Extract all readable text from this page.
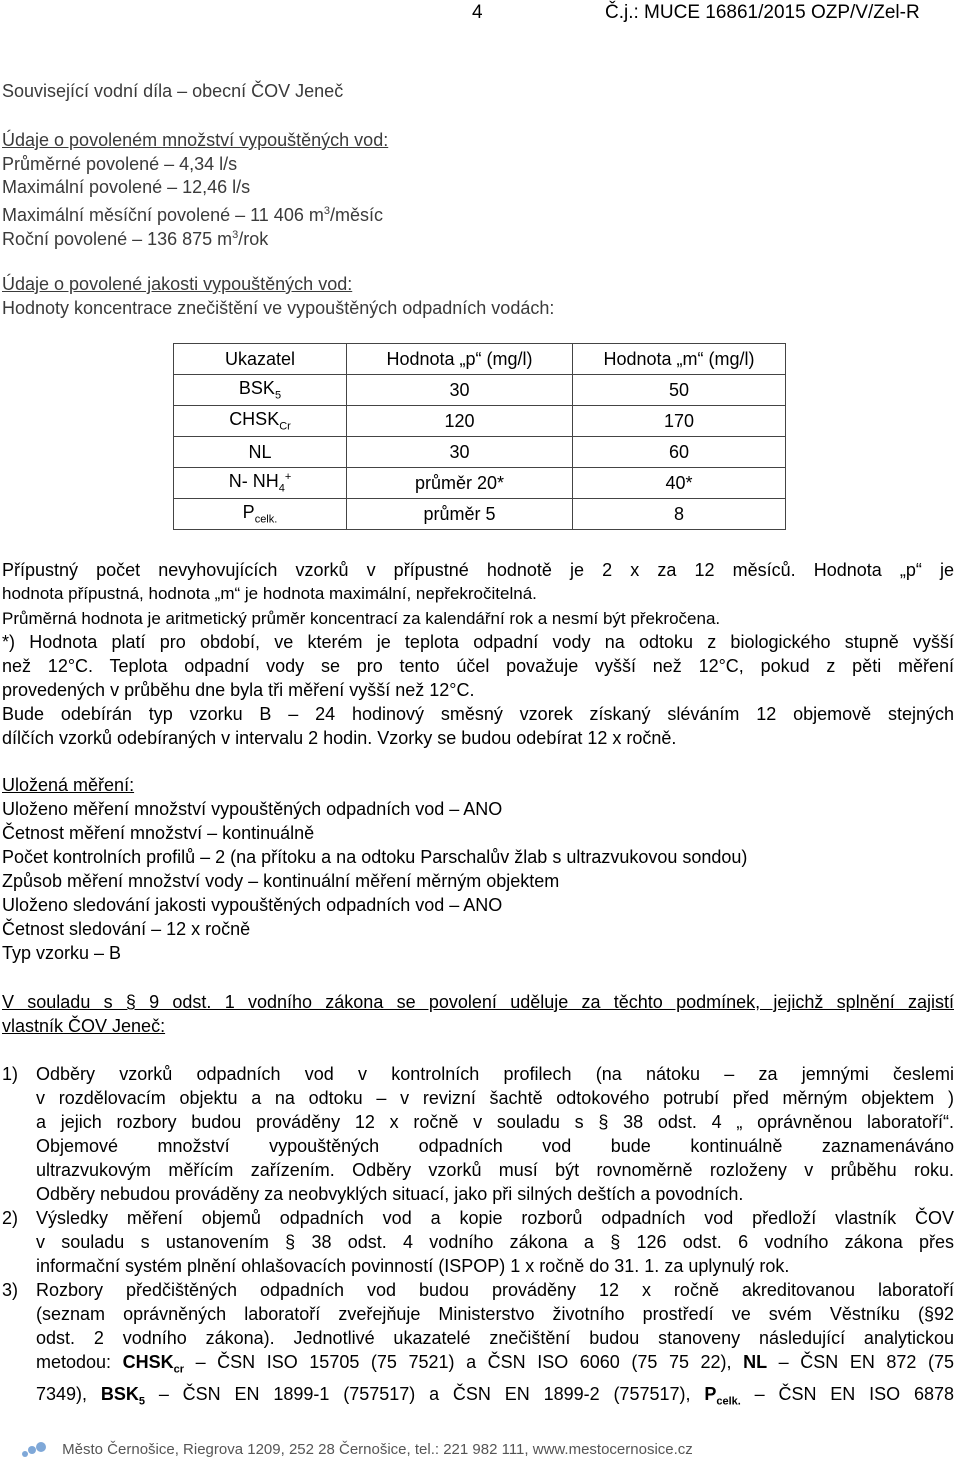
4	Č.j.: MUCE 16861/2015 OZP/V/Zel-R
Související vodní díla – obecní ČOV Jeneč
Údaje o povoleném množství vypouštěných vod:
Průměrné povolené – 4,34 l/s
Maximální povolené – 12,46 l/s
Maximální měsíční povolené – 11 406 $m^3$/měsíc
Roční povolené – 136 875 $m^3$/rok
Údaje o povolené jakosti vypouštěných vod:
Hodnoty koncentrace znečištění ve vypouštěných odpadních vodách:
Ukazatel	Hodnota „p“ (mg/l)	Hodnota „m“ (mg/l)
$BSK_5$	30	50
$CHSK_{Cr}$	120	170
NL	30	60
N- $NH_4^+$	průměr 20*	40*
$P_{celk.}$	průměr 5	8
Přípustný počet nevyhovujících vzorků v přípustné hodnotě je 2 x za 12 měsíců. Hodnota „p“ je
hodnota přípustná, hodnota „m“ je hodnota maximální, nepřekročitelná.
Průměrná hodnota je aritmetický průměr koncentrací za kalendářní rok a nesmí být překročena.
*) Hodnota platí pro období, ve kterém je teplota odpadní vody na odtoku z biologického stupně vyšší
než 12°C. Teplota odpadní vody se pro tento účel považuje vyšší než 12°C, pokud z pěti měření
provedených v průběhu dne byla tři měření vyšší než 12°C.
Bude odebírán typ vzorku B – 24 hodinový směsný vzorek získaný sléváním 12 objemově stejných
dílčích vzorků odebíraných v intervalu 2 hodin. Vzorky se budou odebírat 12 x ročně.
Uložená měření:
Uloženo měření množství vypouštěných odpadních vod – ANO
Četnost měření množství – kontinuálně
Počet kontrolních profilů – 2 (na přítoku a na odtoku Parschalův žlab s ultrazvukovou sondou)
Způsob měření množství vody – kontinuální měření měrným objektem
Uloženo sledování jakosti vypouštěných odpadních vod – ANO
Četnost sledování – 12 x ročně
Typ vzorku – B
V souladu s § 9 odst. 1 vodního zákona se povolení uděluje za těchto podmínek, jejichž splnění zajistí
vlastník ČOV Jeneč:
1) Odběry vzorků odpadních vod v kontrolních profilech (na nátoku – za jemnými česlemi
v rozdělovacím objektu a na odtoku – v revizní šachtě odtokového potrubí před měrným objektem )
a jejich rozbory budou prováděny 12 x ročně v souladu s § 38 odst. 4 „ oprávněnou laboratoří“.
Objemové množství vypouštěných odpadních vod bude kontinuálně zaznamenáváno
ultrazvukovým měřícím zařízením. Odběry vzorků musí být rovnoměrně rozloženy v průběhu roku.
Odběry nebudou prováděny za neobvyklých situací, jako při silných deštích a povodních.
2) Výsledky měření objemů odpadních vod a kopie rozborů odpadních vod předloží vlastník ČOV
v souladu s ustanovením § 38 odst. 4 vodního zákona a § 126 odst. 6 vodního zákona přes
informační systém plnění ohlašovacích povinností (ISPOP) 1 x ročně do 31. 1. za uplynulý rok.
3) Rozbory předčištěných odpadních vod budou prováděny 12 x ročně akreditovanou laboratoří
(seznam oprávněných laboratoří zveřejňuje Ministerstvo životního prostředí ve svém Věstníku (§92
odst. 2 vodního zákona). Jednotlivé ukazatelé znečištění budou stanoveny následující analytickou
metodou: $CHSK_{cr}$ – ČSN ISO 15705 (75 7521) a ČSN ISO 6060 (75 75 22), NL – ČSN EN 872 (75
7349), $BSK_5$ – ČSN EN 1899-1 (757517) a ČSN EN 1899-2 (757517), $P_{celk.}$ – ČSN EN ISO 6878
Město Černošice, Riegrova 1209, 252 28 Černošice, tel.: 221 982 111, www.mestocernosice.cz
